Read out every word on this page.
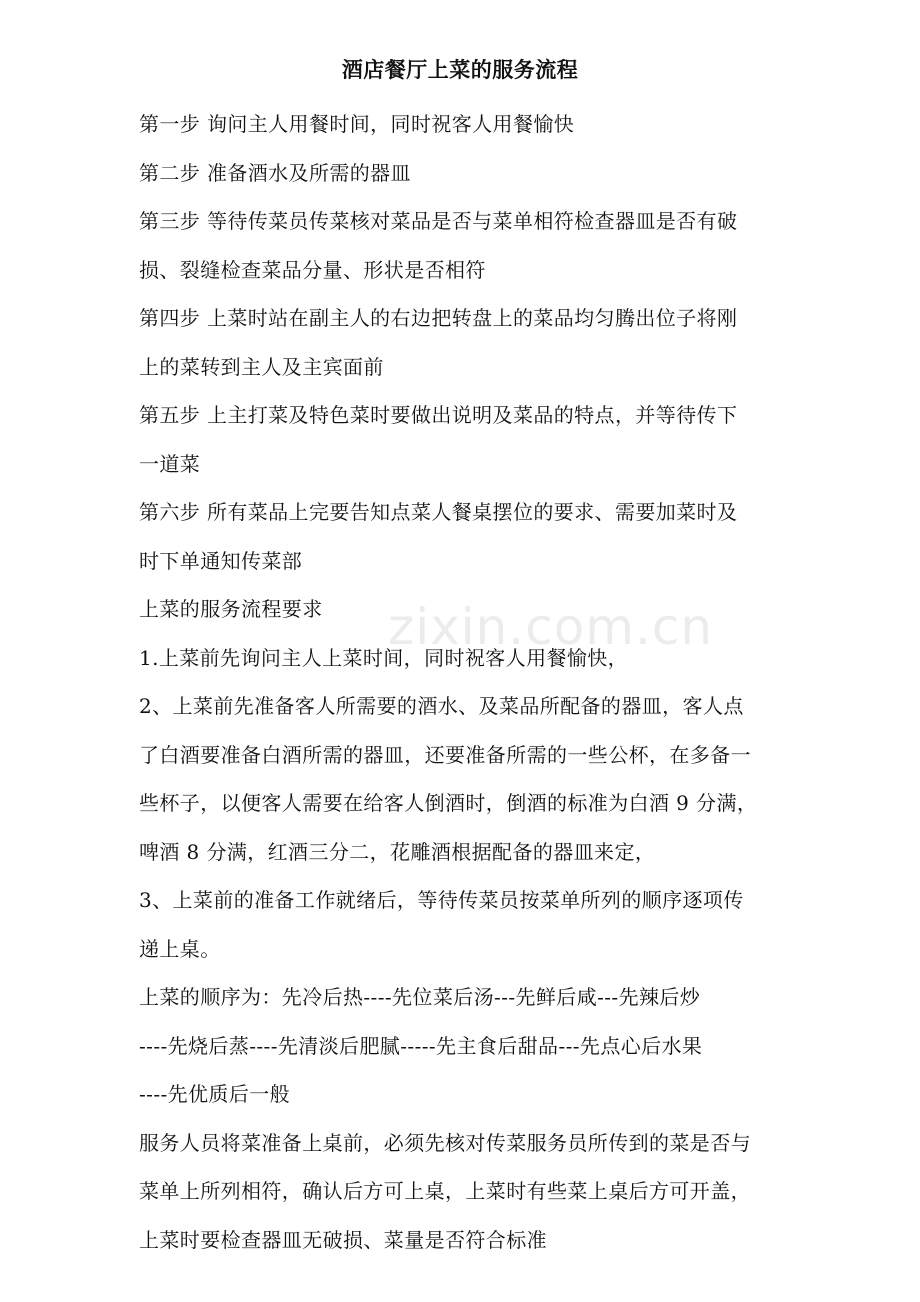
酒店餐厅上菜的服务流程

第一步 询问主人用餐时间，同时祝客人用餐愉快

第二步 准备酒水及所需的器皿

第三步 等待传菜员传菜核对菜品是否与菜单相符检查器皿是否有破

损、裂缝检查菜品分量、形状是否相符

第四步 上菜时站在副主人的右边把转盘上的菜品均匀腾出位子将刚

上的菜转到主人及主宾面前

第五步 上主打菜及特色菜时要做出说明及菜品的特点，并等待传下

一道菜

第六步 所有菜品上完要告知点菜人餐桌摆位的要求、需要加菜时及

时下单通知传菜部

上菜的服务流程要求

1.上菜前先询问主人上菜时间，同时祝客人用餐愉快，

2、上菜前先准备客人所需要的酒水、及菜品所配备的器皿，客人点

了白酒要准备白酒所需的器皿，还要准备所需的一些公杯，在多备一

些杯子，以便客人需要在给客人倒酒时，倒酒的标准为白酒 9 分满，

啤酒 8 分满，红酒三分二，花雕酒根据配备的器皿来定，

3、上菜前的准备工作就绪后，等待传菜员按菜单所列的顺序逐项传

递上桌。

上菜的顺序为：先冷后热----先位菜后汤---先鲜后咸---先辣后炒

----先烧后蒸----先清淡后肥腻-----先主食后甜品---先点心后水果

----先优质后一般

服务人员将菜准备上桌前，必须先核对传菜服务员所传到的菜是否与

菜单上所列相符，确认后方可上桌，上菜时有些菜上桌后方可开盖，

上菜时要检查器皿无破损、菜量是否符合标准

zixin.com.cn
